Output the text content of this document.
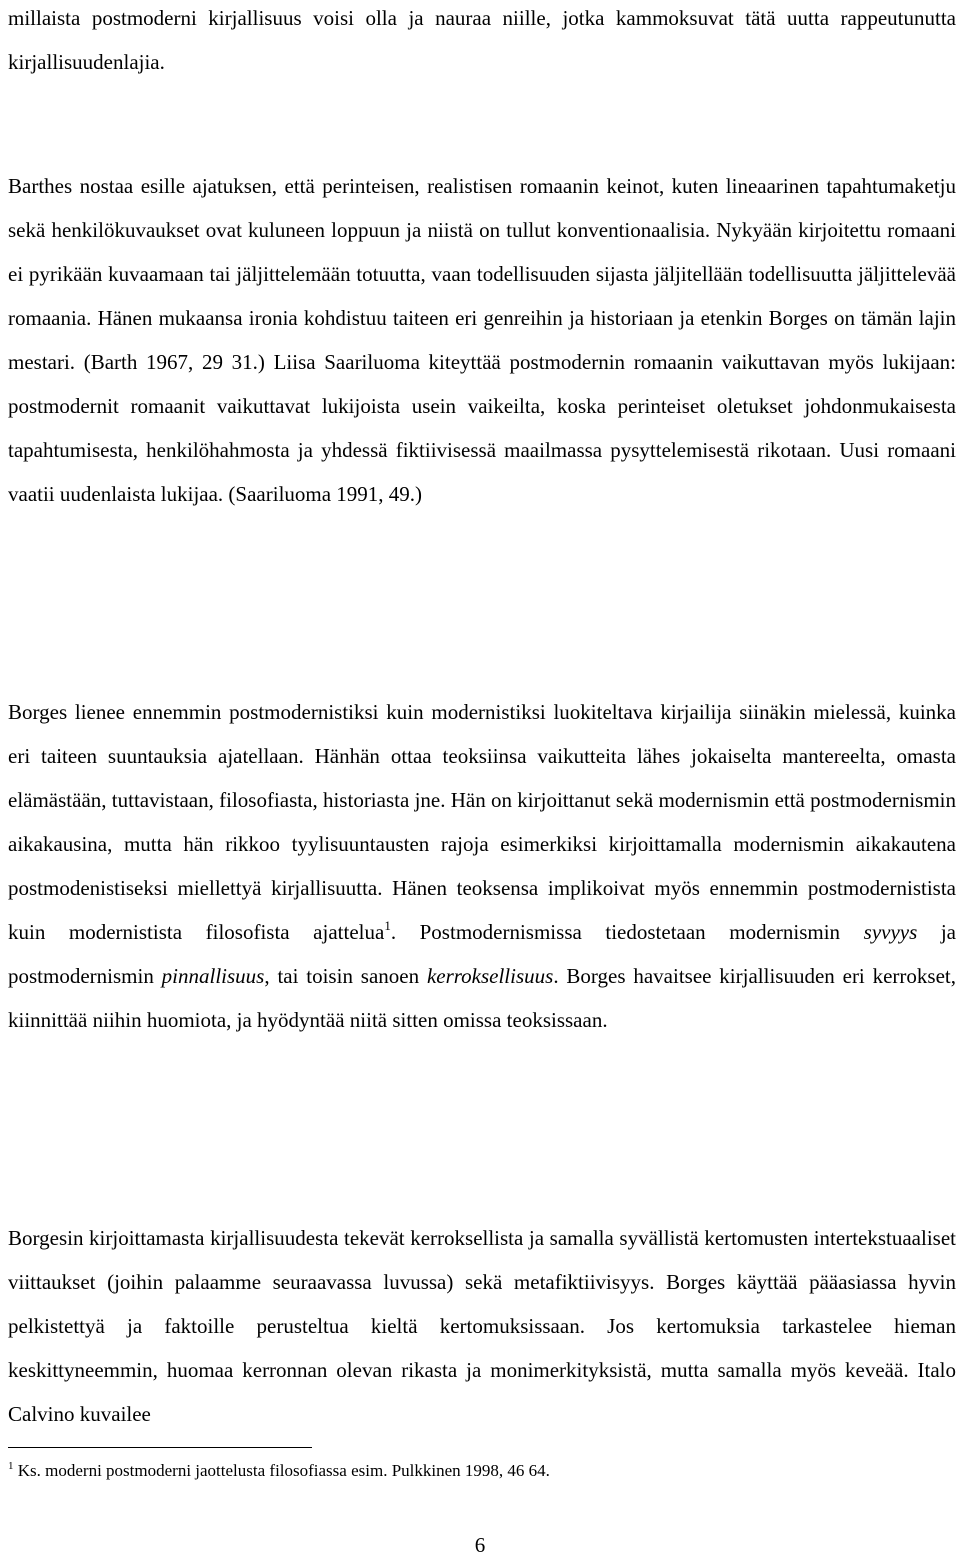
millaista postmoderni kirjallisuus voisi olla ja nauraa niille, jotka kammoksuvat tätä uutta rappeutunutta kirjallisuudenlajia.

Barthes nostaa esille ajatuksen, että perinteisen, realistisen romaanin keinot, kuten lineaarinen tapahtumaketju sekä henkilökuvaukset ovat kuluneen loppuun ja niistä on tullut konventionaalisia. Nykyään kirjoitettu romaani ei pyrikään kuvaamaan tai jäljittelemään totuutta, vaan todellisuuden sijasta jäljitellään todellisuutta jäljittelevää romaania. Hänen mukaansa ironia kohdistuu taiteen eri genreihin ja historiaan ja etenkin Borges on tämän lajin mestari. (Barth 1967, 29 31.) Liisa Saariluoma kiteyttää postmodernin romaanin vaikuttavan myös lukijaan: postmodernit romaanit vaikuttavat lukijoista usein vaikeilta, koska perinteiset oletukset johdonmukaisesta tapahtumisesta, henkilöhahmosta ja yhdessä fiktiivisessä maailmassa pysyttelemisestä rikotaan. Uusi romaani vaatii uudenlaista lukijaa. (Saariluoma 1991, 49.)

Borges lienee ennemmin postmodernistiksi kuin modernistiksi luokiteltava kirjailija siinäkin mielessä, kuinka eri taiteen suuntauksia ajatellaan. Hänhän ottaa teoksiinsa vaikutteita lähes jokaiselta mantereelta, omasta elämästään, tuttavistaan, filosofiasta, historiasta jne. Hän on kirjoittanut sekä modernismin että postmodernismin aikakausina, mutta hän rikkoo tyylisuuntausten rajoja esimerkiksi kirjoittamalla modernismin aikakautena postmodenistiseksi miellettyä kirjallisuutta. Hänen teoksensa implikoivat myös ennemmin postmodernistista kuin modernistista filosofista ajattelua$^1$. Postmodernismissa tiedostetaan modernismin syvyys ja postmodernismin pinnallisuus, tai toisin sanoen kerroksellisuus. Borges havaitsee kirjallisuuden eri kerrokset, kiinnittää niihin huomiota, ja hyödyntää niitä sitten omissa teoksissaan.

Borgesin kirjoittamasta kirjallisuudesta tekevät kerroksellista ja samalla syvällistä kertomusten intertekstuaaliset viittaukset (joihin palaamme seuraavassa luvussa) sekä metafiktiivisyys. Borges käyttää pääasiassa hyvin pelkistettyä ja faktoille perusteltua kieltä kertomuksissaan. Jos kertomuksia tarkastelee hieman keskittyneemmin, huomaa kerronnan olevan rikasta ja monimerkityksistä, mutta samalla myös keveää. Italo Calvino kuvailee

$^1$ Ks. moderni postmoderni jaottelusta filosofiassa esim. Pulkkinen 1998, 46 64.
6
